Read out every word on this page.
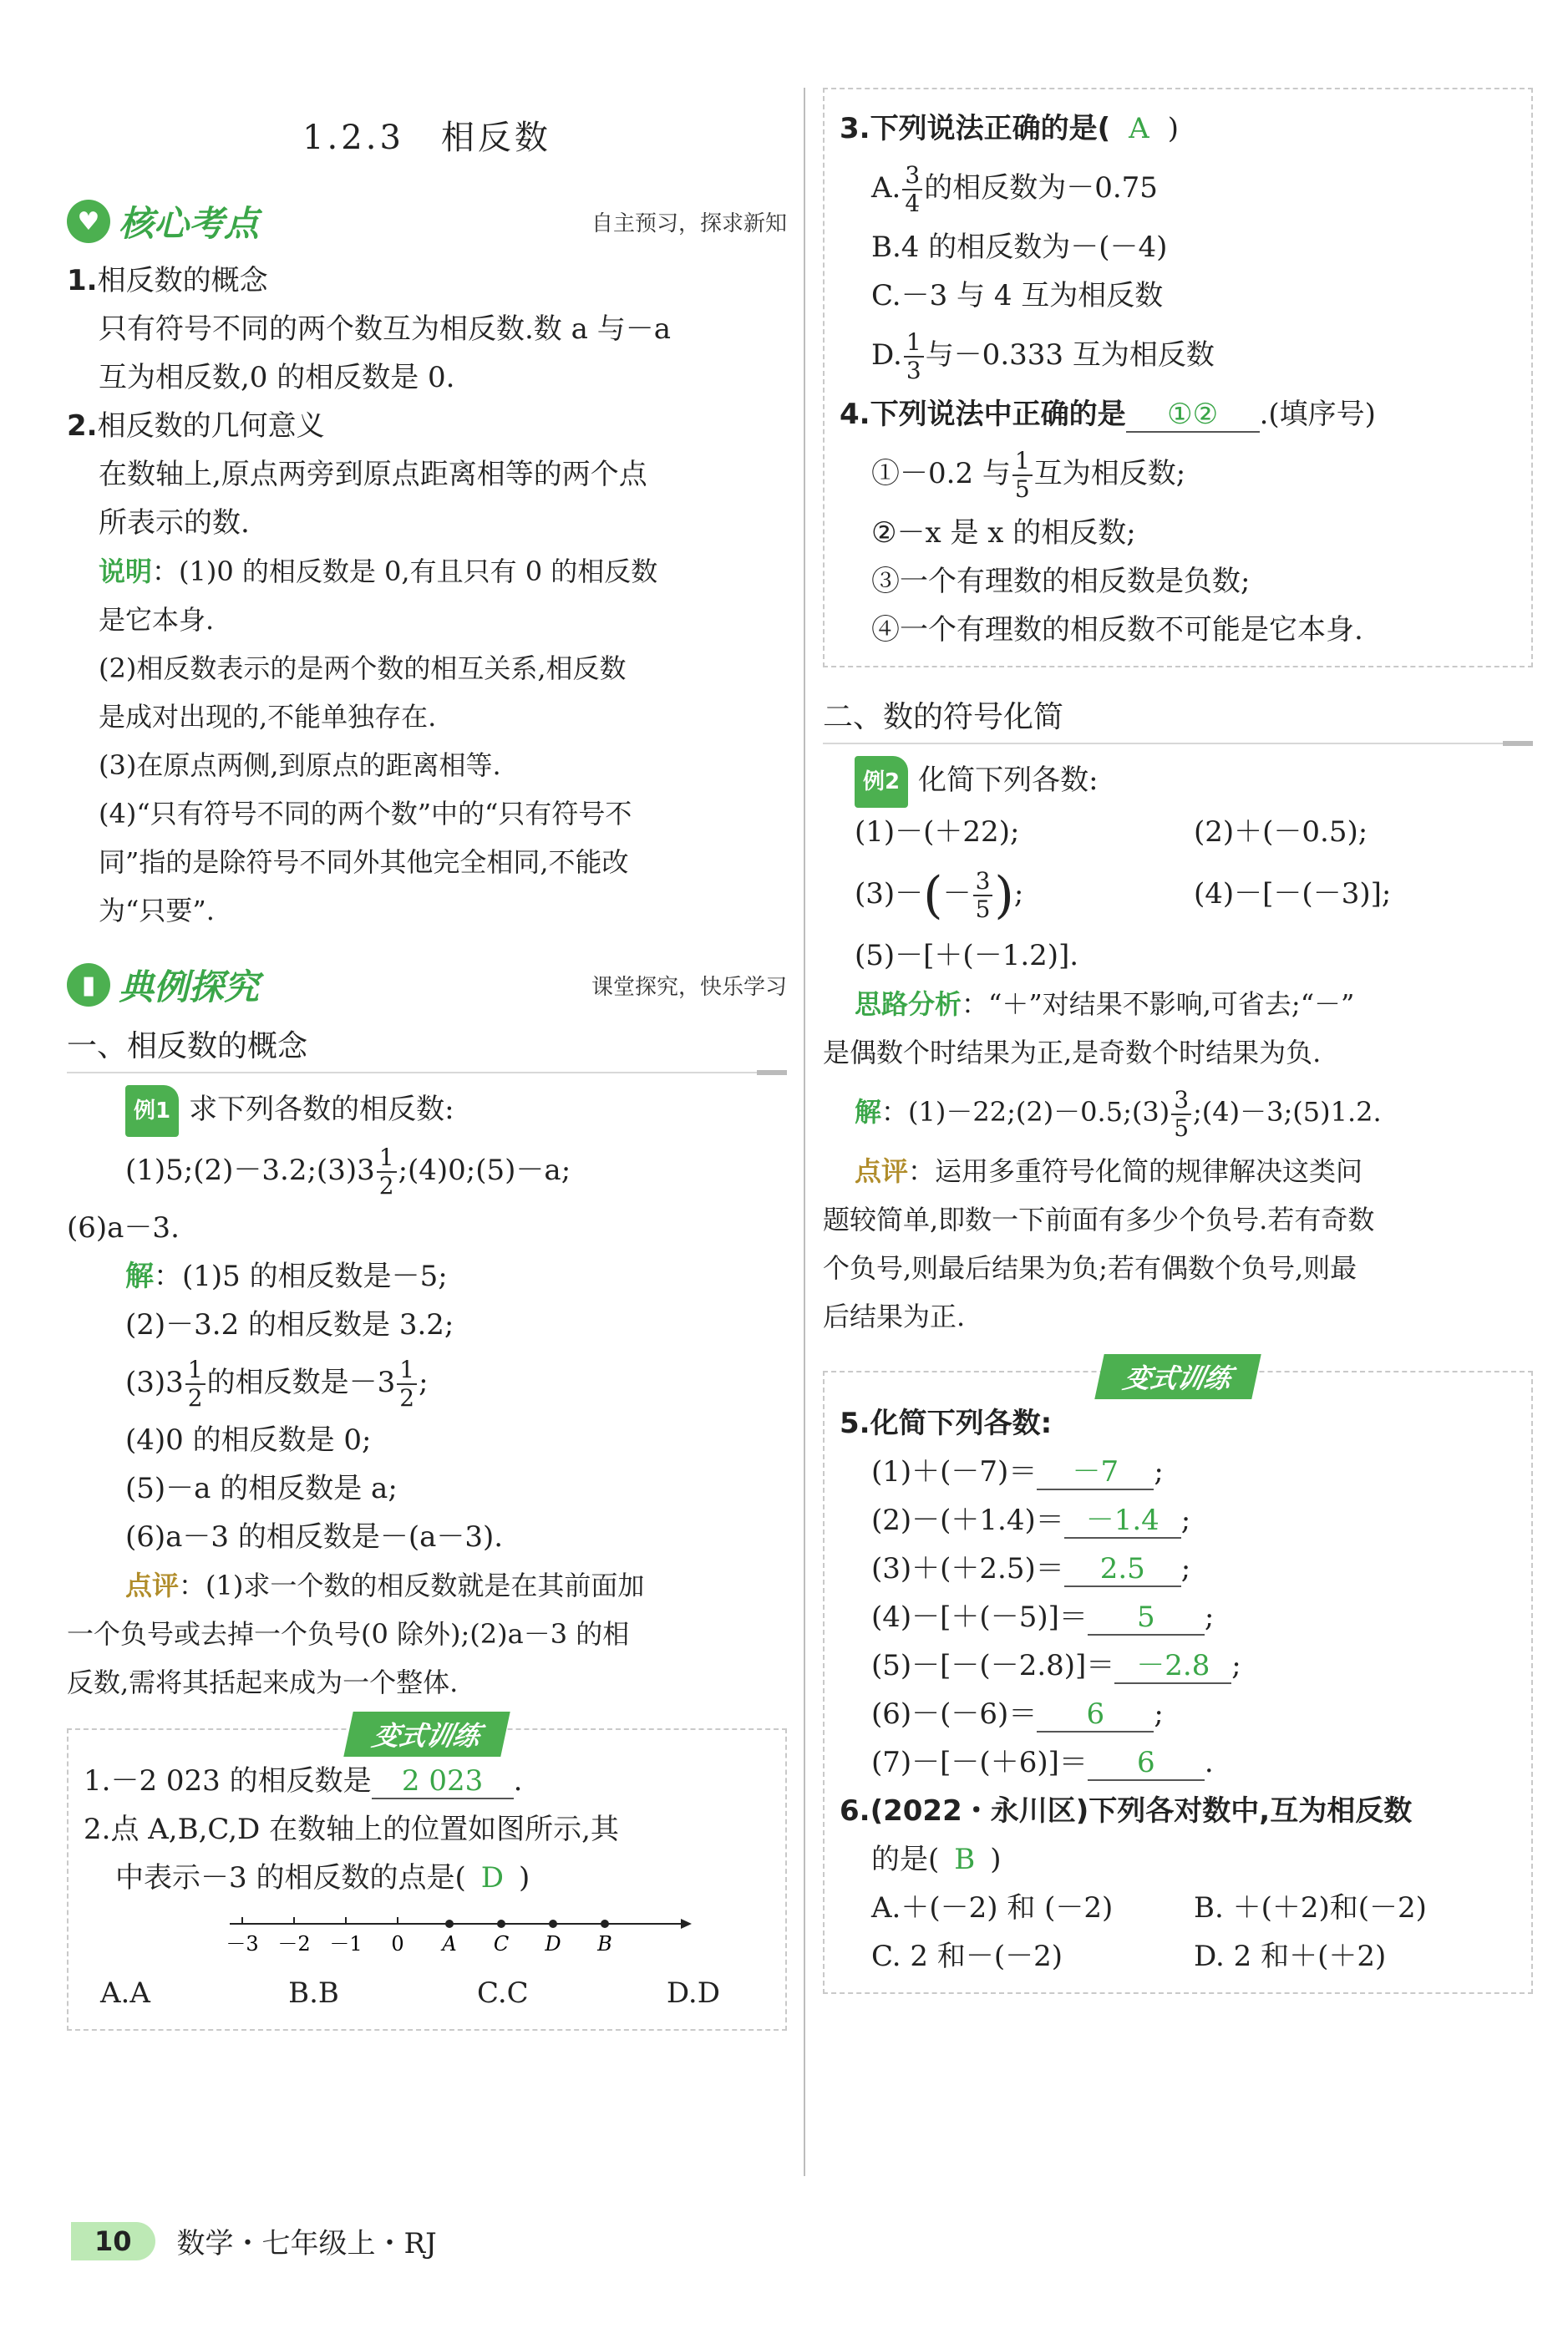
1.2.3　相反数
♥ 核心考点	自主预习，探求新知
1.相反数的概念
只有符号不同的两个数互为相反数.数 a 与－a
互为相反数,0 的相反数是 0.
2.相反数的几何意义
在数轴上,原点两旁到原点距离相等的两个点
所表示的数.
说明：(1)0 的相反数是 0,有且只有 0 的相反数
是它本身.
(2)相反数表示的是两个数的相互关系,相反数
是成对出现的,不能单独存在.
(3)在原点两侧,到原点的距离相等.
(4)“只有符号不同的两个数”中的“只有符号不
同”指的是除符号不同外其他完全相同,不能改
为“只要”.
▮ 典例探究	课堂探究，快乐学习
一、相反数的概念
例1 求下列各数的相反数:
(1)5;(2)－3.2;(3)3 $\frac{1}{2}$ ;(4)0;(5)－a;
(6)a－3.
解：(1)5 的相反数是－5;
(2)－3.2 的相反数是 3.2;
$(3)3 \frac{1}{2}$ 的相反数是$-3 \frac{1}{2}$ ;
(4)0 的相反数是 0;
(5)－a 的相反数是 a;
(6)a－3 的相反数是－(a－3).
点评：(1)求一个数的相反数就是在其前面加
一个负号或去掉一个负号(0 除外);(2)a－3 的相
反数,需将其括起来成为一个整体.
变式训练
1.－2 023 的相反数是 2 023 .
2.点 A,B,C,D 在数轴上的位置如图所示,其
中表示－3 的相反数的点是( D )
－3 －2 －1 0 A C D B
A.A	B.B	C.C	D.D
3.下列说法正确的是( A )
A. $\frac{3}{4}$ 的相反数为－0.75
B.4 的相反数为－(－4)
C.－3 与 4 互为相反数
D. $\frac{1}{3}$ 与－0.333 互为相反数
4.下列说法中正确的是 ①② .(填序号)
①－0.2 与 $\frac{1}{5}$ 互为相反数;
②－x 是 x 的相反数;
③一个有理数的相反数是负数;
④一个有理数的相反数不可能是它本身.
二、数的符号化简
例2 化简下列各数:
(1)－(＋22);	(2)＋(－0.5);
$(3)-(- \frac{3}{5}$ );	(4)－[－(－3)];
(5)－[＋(－1.2)].
思路分析：“＋”对结果不影响,可省去;“－”
是偶数个时结果为正,是奇数个时结果为负.
解：(1)－22;(2)－0.5;(3) $\frac{3}{5}$ ;(4)－3;(5)1.2.
点评：运用多重符号化简的规律解决这类问
题较简单,即数一下前面有多少个负号.若有奇数
个负号,则最后结果为负;若有偶数个负号,则最
后结果为正.
变式训练
5.化简下列各数:
(1)＋(－7)＝ －7 ;
(2)－(＋1.4)＝ －1.4 ;
(3)＋(＋2.5)＝ 2.5 ;
(4)－[＋(－5)]＝ 5 ;
(5)－[－(－2.8)]＝ －2.8 ;
(6)－(－6)＝ 6 ;
(7)－[－(＋6)]＝ 6 .
6.(2022・永川区)下列各对数中,互为相反数
的是( B )
A.＋(－2) 和 (－2)	B. ＋(＋2)和(－2)
C. 2 和－(－2)	D. 2 和＋(＋2)
10	数学・七年级上・RJ
